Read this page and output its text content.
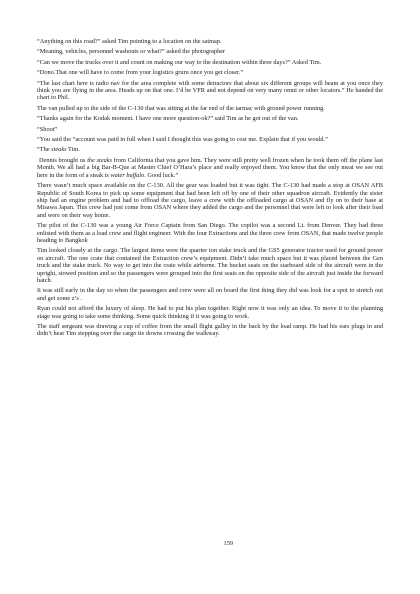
“Anything on this road?” asked Tim pointing to a location on the satmap.

“Meaning, vehicles, personnel washouts or what?” asked the photographer

“Can we move the trucks over it and count on making our way to the destination within three days?” Asked Tim.

“Dono.That one will have to come from your logistics gruru once you get closer.”

“The last chart here is radio nav for the area complete with some detractors that about six different groups will beam at you once they think you are flying in the area. Heads up on that one. I’d be VFR and not depend on very many omni or other locators.” He handed the chart to Phil.

The van pulled up to the side of the C-130 that was sitting at the far end of the tarmac with ground power running.

“Thanks again for the Kodak moment. I have one more question-ok?” said Tim as he got out of the van.

“Shoot”

“You said the “account was paid in full when I said I thought this was going to cost me. Explain that if you would.”

“The steaks Tim.

Dennis brought us the steaks from California that you gave him. They were still pretty well frozen when he took them off the plane last Month. We all had a big Bar-B-Que at Master Chief O’Hara’s place and really enjoyed them. You know that the only meat we see out here in the form of a steak is water buffalo. Good luck.”

There wasn’t much space available on the C-130. All the gear was loaded but it was tight. The C-130 had made a stop at OSAN AFB Republic of South Korea to pick up some equipment that had been left off by one of their other squadron aircraft. Evidently the sister ship had an engine problem and had to offload the cargo, leave a crew with the offloaded cargo at OSAN and fly on to their base at Misawa Japan. This crew had just come from OSAN where they added the cargo and the personnel that were left to look after their load and were on their way home.

The pilot of the C-130 was a young Air Force Captain from San Diego. The copilot was a second Lt. from Denver. They had three enlisted with them as a load crew and flight engineer. With the four Extractions and the three crew from OSAN, that made twelve people heading to Bangkok

Tim looked closely at the cargo. The largest items were the quarter ton stake truck and the GS5 generator tractor used for ground power on aircraft. The one crate that contained the Extraction crew’s equipment. Didn’t take much space but it was placed between the Gen truck and the stake truck. No way to get into the crate while airborne. The bucket seats on the starboard side of the aircraft were in the upright, stowed position and so the passengers were grouped into the first seats on the opposite side of the aircraft just inside the forward hatch.

It was still early in the day so when the passengers and crew were all on board the first thing they did was look for a spot to stretch out and get some z’s .

Ryan could not afford the luxury of sleep. He had to put his plan together. Right now it was only an idea. To move it to the planning stage was going to take some thinking. Some quick thinking if it was going to work.

The staff sergeant was drawing a cup of coffee from the small flight galley in the back by the load ramp. He had his ears plugs in and didn’t hear Tim stepping over the cargo tie downs crossing the walkway.

159
